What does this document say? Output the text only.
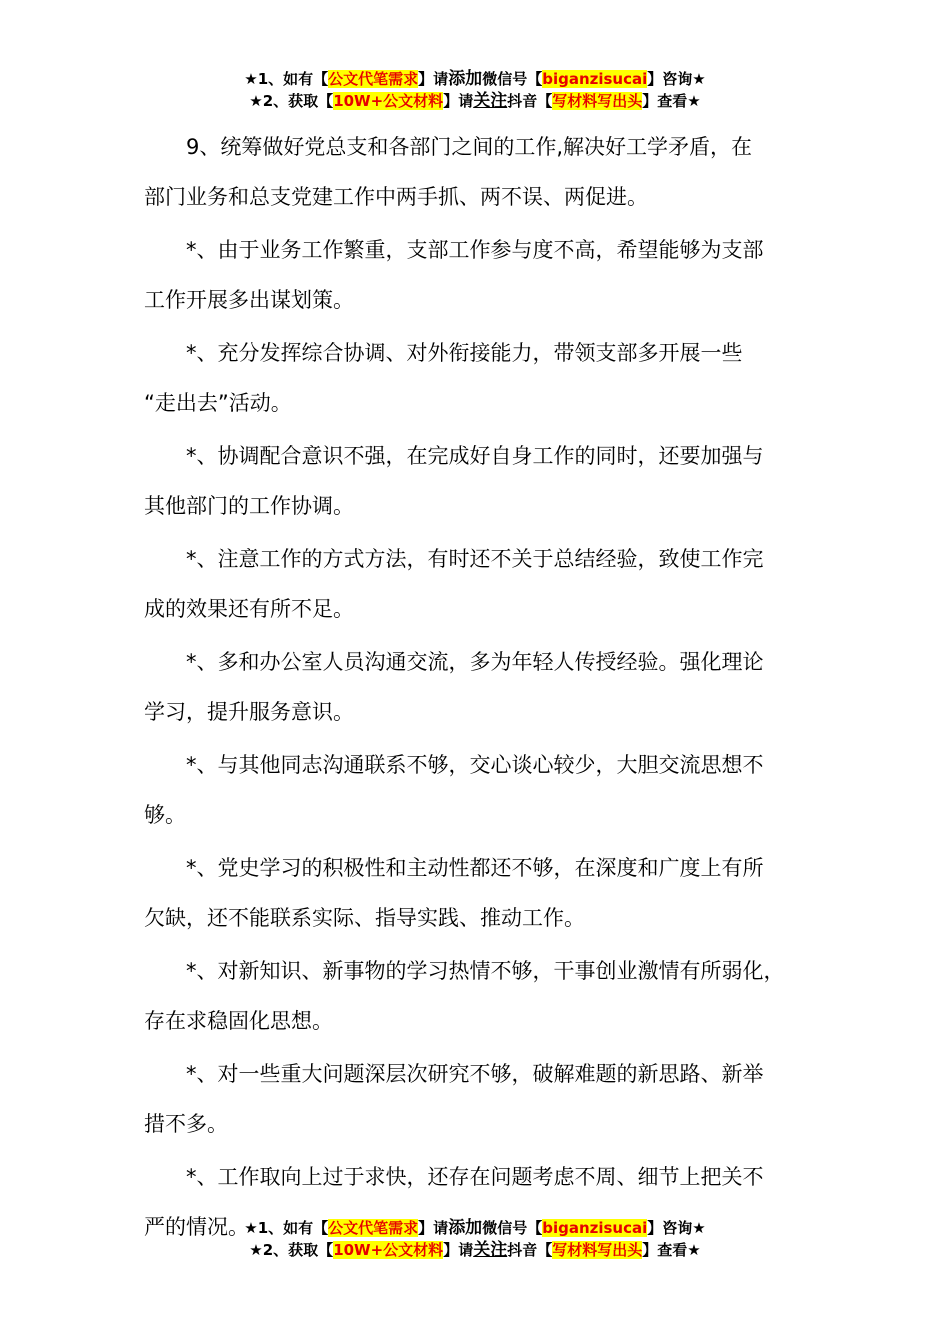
★1、如有【公文代笔需求】请添加微信号【biganzisucai】咨询★
★2、获取【10W+公文材料】请关注抖音【写材料写出头】查看★
9、统筹做好党总支和各部门之间的工作,解决好工学矛盾，在
部门业务和总支党建工作中两手抓、两不误、两促进。
*、由于业务工作繁重，支部工作参与度不高，希望能够为支部
工作开展多出谋划策。
*、充分发挥综合协调、对外衔接能力，带领支部多开展一些
“走出去”活动。
*、协调配合意识不强，在完成好自身工作的同时，还要加强与
其他部门的工作协调。
*、注意工作的方式方法，有时还不关于总结经验，致使工作完
成的效果还有所不足。
*、多和办公室人员沟通交流，多为年轻人传授经验。强化理论
学习，提升服务意识。
*、与其他同志沟通联系不够，交心谈心较少，大胆交流思想不
够。
*、党史学习的积极性和主动性都还不够，在深度和广度上有所
欠缺，还不能联系实际、指导实践、推动工作。
*、对新知识、新事物的学习热情不够，干事创业激情有所弱化，
存在求稳固化思想。
*、对一些重大问题深层次研究不够，破解难题的新思路、新举
措不多。
*、工作取向上过于求快，还存在问题考虑不周、细节上把关不
严的情况。
★1、如有【公文代笔需求】请添加微信号【biganzisucai】咨询★
★2、获取【10W+公文材料】请关注抖音【写材料写出头】查看★
